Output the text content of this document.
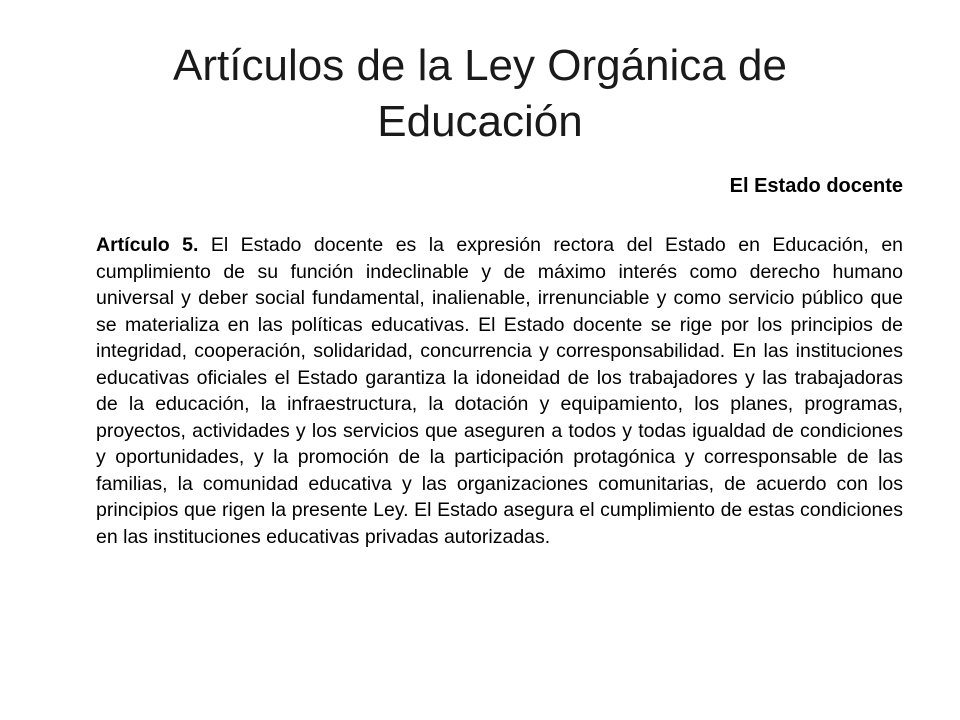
Artículos de la Ley Orgánica de Educación

El Estado docente

Artículo 5. El Estado docente es la expresión rectora del Estado en Educación, en cumplimiento de su función indeclinable y de máximo interés como derecho humano universal y deber social fundamental, inalienable, irrenunciable y como servicio público que se materializa en las políticas educativas. El Estado docente se rige por los principios de integridad, cooperación, solidaridad, concurrencia y corresponsabilidad. En las instituciones educativas oficiales el Estado garantiza la idoneidad de los trabajadores y las trabajadoras de la educación, la infraestructura, la dotación y equipamiento, los planes, programas, proyectos, actividades y los servicios que aseguren a todos y todas igualdad de condiciones y oportunidades, y la promoción de la participación protagónica y corresponsable de las familias, la comunidad educativa y las organizaciones comunitarias, de acuerdo con los principios que rigen la presente Ley. El Estado asegura el cumplimiento de estas condiciones en las instituciones educativas privadas autorizadas.
